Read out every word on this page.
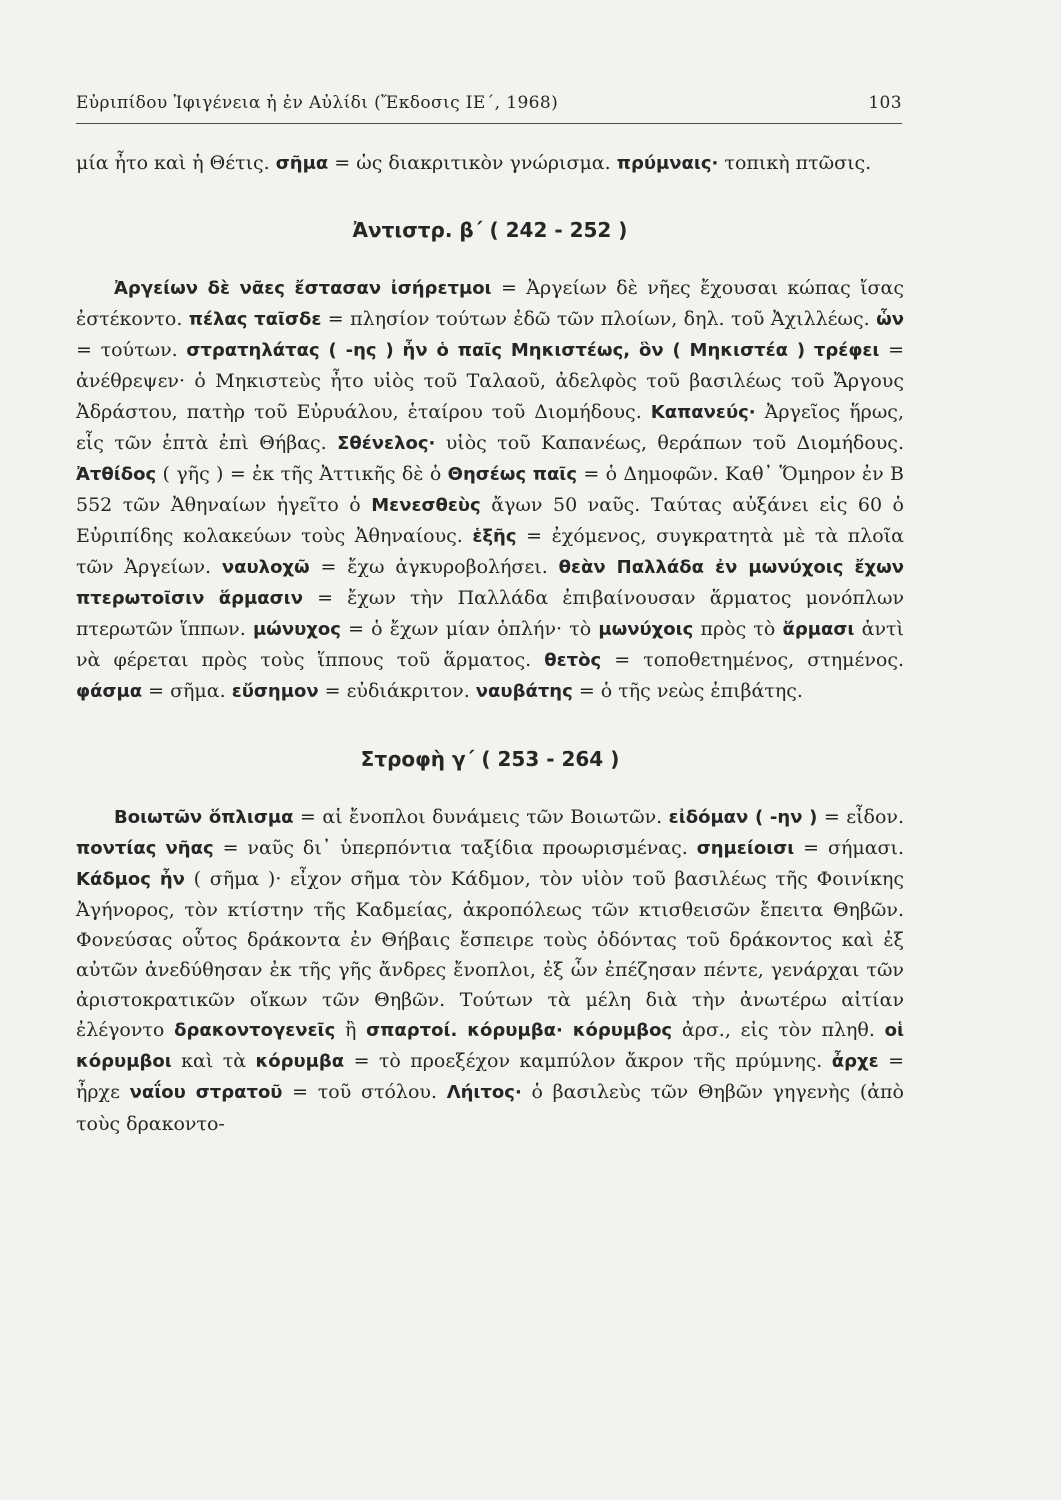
Εὐριπίδου Ἰφιγένεια ἡ ἐν Αὐλίδι (Ἔκδοσις ΙΕ΄, 1968)	103

μία ἦτο καὶ ἡ Θέτις. σῆμα = ὡς διακριτικὸν γνώρισμα. πρύμναις· τοπικὴ πτῶσις.

Ἀντιστρ. β΄ ( 242 - 252 )

Ἀργείων δὲ νᾶες ἔστασαν ἰσήρετμοι = Ἀργείων δὲ νῆες ἔχουσαι κώπας ἴσας ἐστέκοντο. πέλας ταῖσδε = πλησίον τούτων ἐδῶ τῶν πλοίων, δηλ. τοῦ Ἀχιλλέως. ὧν = τούτων. στρατηλάτας ( -ης ) ἦν ὁ παῖς Μηκιστέως, ὃν ( Μηκιστέα ) τρέφει = ἀνέθρεψεν· ὁ Μηκιστεὺς ἦτο υἱὸς τοῦ Ταλαοῦ, ἀδελφὸς τοῦ βασιλέως τοῦ Ἄργους Ἀδράστου, πατὴρ τοῦ Εὐρυάλου, ἑταίρου τοῦ Διομήδους. Καπανεύς· Ἀργεῖος ἥρως, εἷς τῶν ἑπτὰ ἐπὶ Θήβας. Σθένελος· υἱὸς τοῦ Καπανέως, θεράπων τοῦ Διομήδους. Ἀτθίδος ( γῆς ) = ἐκ τῆς Ἀττικῆς δὲ ὁ Θησέως παῖς = ὁ Δημοφῶν. Καθ᾽ Ὅμηρον ἐν Β 552 τῶν Ἀθηναίων ἡγεῖτο ὁ Μενεσθεὺς ἄγων 50 ναῦς. Ταύτας αὐξάνει εἰς 60 ὁ Εὐριπίδης κολακεύων τοὺς Ἀθηναίους. ἑξῆς = ἐχόμενος, συγκρατητὰ μὲ τὰ πλοῖα τῶν Ἀργείων. ναυλοχῶ = ἔχω ἀγκυροβολήσει. θεὰν Παλλάδα ἐν μωνύχοις ἔχων πτερωτοῖσιν ἅρμασιν = ἔχων τὴν Παλλάδα ἐπιβαίνουσαν ἅρματος μονόπλων πτερωτῶν ἵππων. μώνυχος = ὁ ἔχων μίαν ὁπλήν· τὸ μωνύχοις πρὸς τὸ ἅρμασι ἀντὶ νὰ φέρεται πρὸς τοὺς ἵππους τοῦ ἅρματος. θετὸς = τοποθετημένος, στημένος. φάσμα = σῆμα. εὔσημον = εὐδιάκριτον. ναυβάτης = ὁ τῆς νεὼς ἐπιβάτης.

Στροφὴ γ΄ ( 253 - 264 )

Βοιωτῶν ὅπλισμα = αἱ ἔνοπλοι δυνάμεις τῶν Βοιωτῶν. εἰδόμαν ( -ην ) = εἶδον. ποντίας νῆας = ναῦς δι᾽ ὑπερπόντια ταξίδια προωρισμένας. σημείοισι = σήμασι. Κάδμος ἦν ( σῆμα )· εἶχον σῆμα τὸν Κάδμον, τὸν υἱὸν τοῦ βασιλέως τῆς Φοινίκης Ἀγήνορος, τὸν κτίστην τῆς Καδμείας, ἀκροπόλεως τῶν κτισθεισῶν ἔπειτα Θηβῶν. Φονεύσας οὗτος δράκοντα ἐν Θήβαις ἔσπειρε τοὺς ὀδόντας τοῦ δράκοντος καὶ ἐξ αὐτῶν ἀνεδύθησαν ἐκ τῆς γῆς ἄνδρες ἔνοπλοι, ἐξ ὧν ἐπέζησαν πέντε, γενάρχαι τῶν ἀριστοκρατικῶν οἴκων τῶν Θηβῶν. Τούτων τὰ μέλη διὰ τὴν ἀνωτέρω αἰτίαν ἐλέγοντο δρακοντογενεῖς ἢ σπαρτοί. κόρυμβα· κόρυμβος ἀρσ., εἰς τὸν πληθ. οἱ κόρυμβοι καὶ τὰ κόρυμβα = τὸ προεξέχον καμπύλον ἄκρον τῆς πρύμνης. ἆρχε = ἦρχε ναΐου στρατοῦ = τοῦ στόλου. Λήιτος· ὁ βασιλεὺς τῶν Θηβῶν γηγενὴς (ἀπὸ τοὺς δρακοντο-
